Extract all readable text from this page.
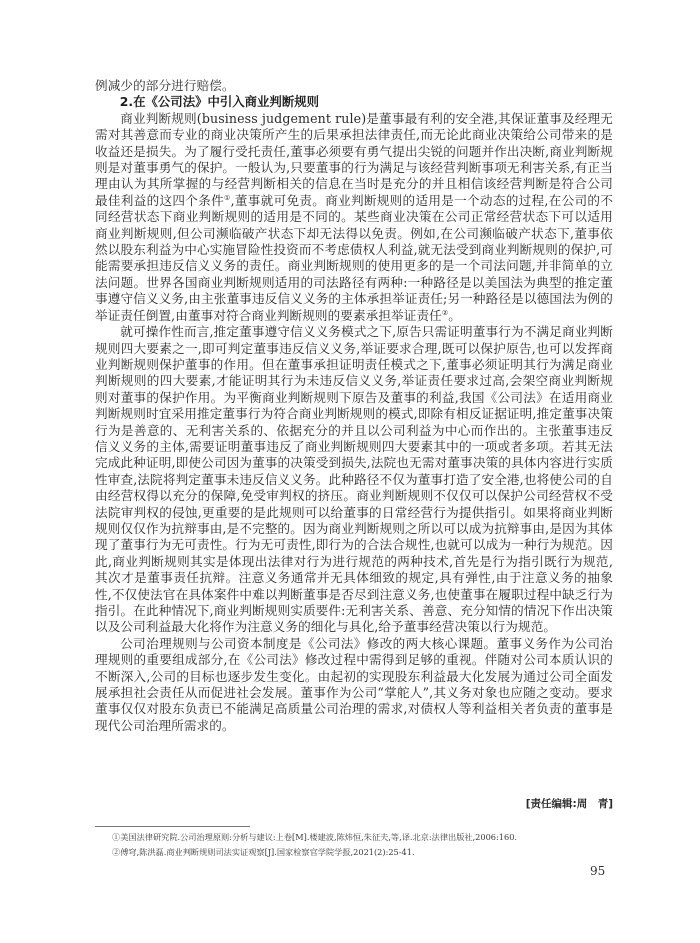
例减少的部分进行赔偿。

2.在《公司法》中引入商业判断规则

商业判断规则(business judgement rule)是董事最有利的安全港,其保证董事及经理无需对其善意而专业的商业决策所产生的后果承担法律责任,而无论此商业决策给公司带来的是收益还是损失。为了履行受托责任,董事必须要有勇气提出尖锐的问题并作出决断,商业判断规则是对董事勇气的保护。一般认为,只要董事的行为满足与该经营判断事项无利害关系,有正当理由认为其所掌握的与经营判断相关的信息在当时是充分的并且相信该经营判断是符合公司最佳利益的这四个条件①,董事就可免责。商业判断规则的适用是一个动态的过程,在公司的不同经营状态下商业判断规则的适用是不同的。某些商业决策在公司正常经营状态下可以适用商业判断规则,但公司濒临破产状态下却无法得以免责。例如,在公司濒临破产状态下,董事依然以股东利益为中心实施冒险性投资而不考虑债权人利益,就无法受到商业判断规则的保护,可能需要承担违反信义义务的责任。商业判断规则的使用更多的是一个司法问题,并非简单的立法问题。世界各国商业判断规则适用的司法路径有两种:一种路径是以美国法为典型的推定董事遵守信义义务,由主张董事违反信义义务的主体承担举证责任;另一种路径是以德国法为例的举证责任倒置,由董事对符合商业判断规则的要素承担举证责任②。

就可操作性而言,推定董事遵守信义义务模式之下,原告只需证明董事行为不满足商业判断规则四大要素之一,即可判定董事违反信义义务,举证要求合理,既可以保护原告,也可以发挥商业判断规则保护董事的作用。但在董事承担证明责任模式之下,董事必须证明其行为满足商业判断规则的四大要素,才能证明其行为未违反信义义务,举证责任要求过高,会架空商业判断规则对董事的保护作用。为平衡商业判断规则下原告及董事的利益,我国《公司法》在适用商业判断规则时宜采用推定董事行为符合商业判断规则的模式,即除有相反证据证明,推定董事决策行为是善意的、无利害关系的、依据充分的并且以公司利益为中心而作出的。主张董事违反信义义务的主体,需要证明董事违反了商业判断规则四大要素其中的一项或者多项。若其无法完成此种证明,即使公司因为董事的决策受到损失,法院也无需对董事决策的具体内容进行实质性审查,法院将判定董事未违反信义义务。此种路径不仅为董事打造了安全港,也将使公司的自由经营权得以充分的保障,免受审判权的挤压。商业判断规则不仅仅可以保护公司经营权不受法院审判权的侵蚀,更重要的是此规则可以给董事的日常经营行为提供指引。如果将商业判断规则仅仅作为抗辩事由,是不完整的。因为商业判断规则之所以可以成为抗辩事由,是因为其体现了董事行为无可责性。行为无可责性,即行为的合法合规性,也就可以成为一种行为规范。因此,商业判断规则其实是体现出法律对行为进行规范的两种技术,首先是行为指引既行为规范,其次才是董事责任抗辩。注意义务通常并无具体细致的规定,具有弹性,由于注意义务的抽象性,不仅使法官在具体案件中难以判断董事是否尽到注意义务,也使董事在履职过程中缺乏行为指引。在此种情况下,商业判断规则实质要件:无利害关系、善意、充分知情的情况下作出决策以及公司利益最大化将作为注意义务的细化与具化,给予董事经营决策以行为规范。

公司治理规则与公司资本制度是《公司法》修改的两大核心课题。董事义务作为公司治理规则的重要组成部分,在《公司法》修改过程中需得到足够的重视。伴随对公司本质认识的不断深入,公司的目标也逐步发生变化。由起初的实现股东利益最大化发展为通过公司全面发展承担社会责任从而促进社会发展。董事作为公司“掌舵人”,其义务对象也应随之变动。要求董事仅仅对股东负责已不能满足高质量公司治理的需求,对债权人等利益相关者负责的董事是现代公司治理所需求的。

[责任编辑:周　青]

①美国法律研究院.公司治理原则:分析与建议:上卷[M].楼建波,陈炜恒,朱征夫,等,译.北京:法律出版社,2006:160.

②傅穹,陈洪磊.商业判断规则司法实证观察[J].国家检察官学院学报,2021(2):25-41.

95
